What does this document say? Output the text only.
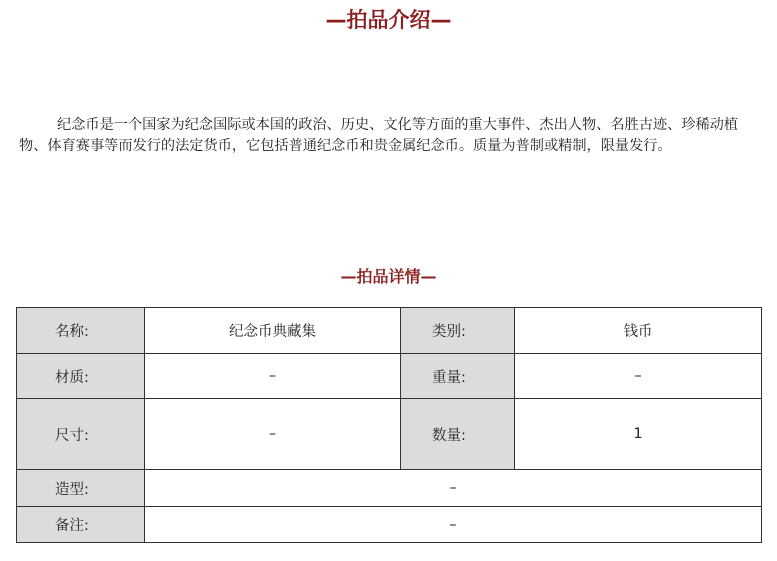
—拍品介绍—

纪念币是一个国家为纪念国际或本国的政治、历史、文化等方面的重大事件、杰出人物、名胜古迹、珍稀动植物、体育赛事等而发行的法定货币，它包括普通纪念币和贵金属纪念币。质量为普制或精制，限量发行。

—拍品详情—
名称:	纪念币典藏集	类别:	钱币
材质:	–	重量:	–
尺寸:	–	数量:	1
造型:	–		
备注:	–		
